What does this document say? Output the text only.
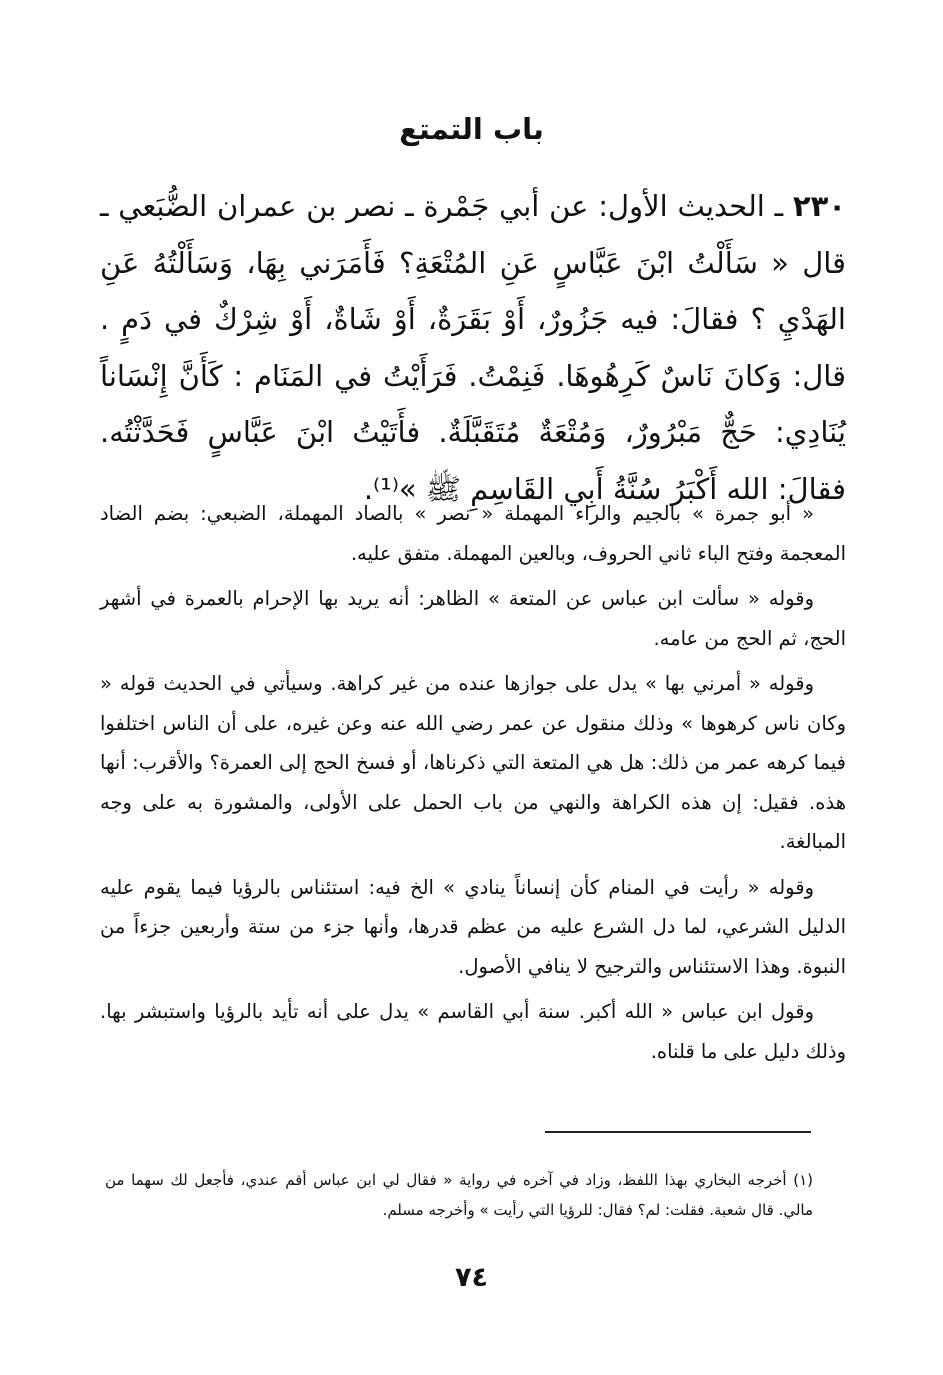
باب التمتع
٢٣٠ ـ الحديث الأول: عن أبي جَمْرة ـ نصر بن عمران الضُّبَعي ـ قال « سَأَلْتُ ابْنَ عَبَّاسٍ عَنِ المُتْعَةِ؟ فَأَمَرَني بِهَا، وَسَأَلْتُهُ عَنِ الهَدْيِ ؟ فقالَ: فيه جَزُورٌ، أَوْ بَقَرَةٌ، أَوْ شَاةٌ، أَوْ شِرْكٌ في دَمٍ . قال: وَكانَ نَاسٌ كَرِهُوهَا. فَنِمْتُ. فَرَأَيْتُ في المَنَام : كَأَنَّ إِنْسَاناً يُنَادِي: حَجٌّ مَبْرُورٌ، وَمُتْعَةٌ مُتَقَبَّلَةٌ. فأَتَيْتُ ابْنَ عَبَّاسٍ فَحَدَّثْتُه. فقالَ: الله أَكْبَرُ سُنَّةُ أَبِي القَاسِمِ ﷺ »⁽¹⁾.

« أبو جمرة » بالجيم والراء المهملة « نصر » بالصاد المهملة، الضبعي: بضم الضاد المعجمة وفتح الباء ثاني الحروف، وبالعين المهملة. متفق عليه.

وقوله « سألت ابن عباس عن المتعة » الظاهر: أنه يريد بها الإحرام بالعمرة في أشهر الحج، ثم الحج من عامه.

وقوله « أمرني بها » يدل على جوازها عنده من غير كراهة. وسيأتي في الحديث قوله « وكان ناس كرهوها » وذلك منقول عن عمر رضي الله عنه وعن غيره، على أن الناس اختلفوا فيما كرهه عمر من ذلك: هل هي المتعة التي ذكرناها، أو فسخ الحج إلى العمرة؟ والأقرب: أنها هذه. فقيل: إن هذه الكراهة والنهي من باب الحمل على الأولى، والمشورة به على وجه المبالغة.

وقوله « رأيت في المنام كأن إنساناً ينادي » الخ فيه: استئناس بالرؤيا فيما يقوم عليه الدليل الشرعي، لما دل الشرع عليه من عظم قدرها، وأنها جزء من ستة وأربعين جزءاً من النبوة. وهذا الاستئناس والترجيح لا ينافي الأصول.

وقول ابن عباس « الله أكبر. سنة أبي القاسم » يدل على أنه تأيد بالرؤيا واستبشر بها. وذلك دليل على ما قلناه.

(١) أخرجه البخاري بهذا اللفظ، وزاد في آخره في رواية « فقال لي ابن عباس أقم عندي، فأجعل لك سهما من مالي. قال شعبة. فقلت: لم؟ فقال: للرؤيا التي رأيت » وأخرجه مسلم.
٧٤
